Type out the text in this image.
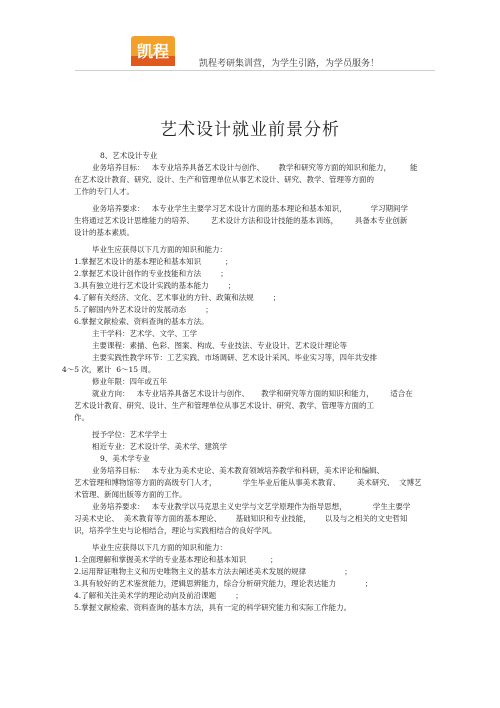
凯程
凯程考研集训营，为学生引路，为学员服务！
艺术设计就业前景分析
8、艺术设计专业
业务培养目标：   本专业培养具备艺术设计与创作、      教学和研究等方面的知识和能力，        能
在艺术设计教育、研究、设计、生产和管理单位从事艺术设计、研究、教学、管理等方面的
工作的专门人才。
业务培养要求：   本专业学生主要学习艺术设计方面的基本理论和基本知识，          学习期间学
生将通过艺术设计思维能力的培养、       艺术设计方法和设计技能的基本训练，       具备本专业创新
设计的基本素质。
毕业生应获得以下几方面的知识和能力：
1.掌握艺术设计的基本理论和基本知识          ；
2.掌握艺术设计创作的专业技能和方法        ；
3.具有独立进行艺术设计实践的基本能力        ；
4.了解有关经济、文化、艺术事业的方针、政策和法规        ；
5.了解国内外艺术设计的发展动态        ；
6.掌握文献检索、资料查询的基本方法。
主干学科：艺术学、文学、工学
主要课程：素描、色彩、图案、构成、专业技法、专业设计、艺术设计理论等
主要实践性教学环节：工艺实践、市场调研、艺术设计采风、毕业实习等，四年共安排
4～5 次，累计  6～15 周。
修业年限：四年或五年
就业方向：   本专业培养具备艺术设计与创作、     教学和研究等方面的知识和能力，       适合在
艺术设计教育、研究、设计、生产和管理单位从事艺术设计、研究、教学、管理等方面的工
作。
授予学位：艺术学学士
相近专业：艺术设计学、美术学、建筑学
9、美术学专业
业务培养目标：   本专业为美术史论、美术教育领域培养教学和科研，美术评论和编辑、
艺术管理和博物馆等方面的高级专门人才，           学生毕业后能从事美术教育、       美术研究、  文博艺
术管理、新闻出版等方面的工作。
业务培养要求：   本专业教学以马克思主义史学与文艺学原理作为指导思想，           学生主要学
习美术史论、  美术教育等方面的基本理论、      基础知识和专业技能，      以及与之相关的文史哲知
识，培养学生史与论相结合，理论与实践相结合的良好学风。
毕业生应获得以下几方面的知识和能力：
1.全面理解和掌握美术学的专业基本理论和基本知识          ；
2.运用辩证唯物主义和历史唯物主义的基本方法去阐述美术发展的规律                ；
3.具有较好的艺术鉴赏能力，逻辑思辨能力，综合分析研究能力，理论表达能力            ；
4.了解和关注美术学的理论动向及前沿课题        ；
5.掌握文献检索、资料查询的基本方法，具有一定的科学研究能力和实际工作能力。
